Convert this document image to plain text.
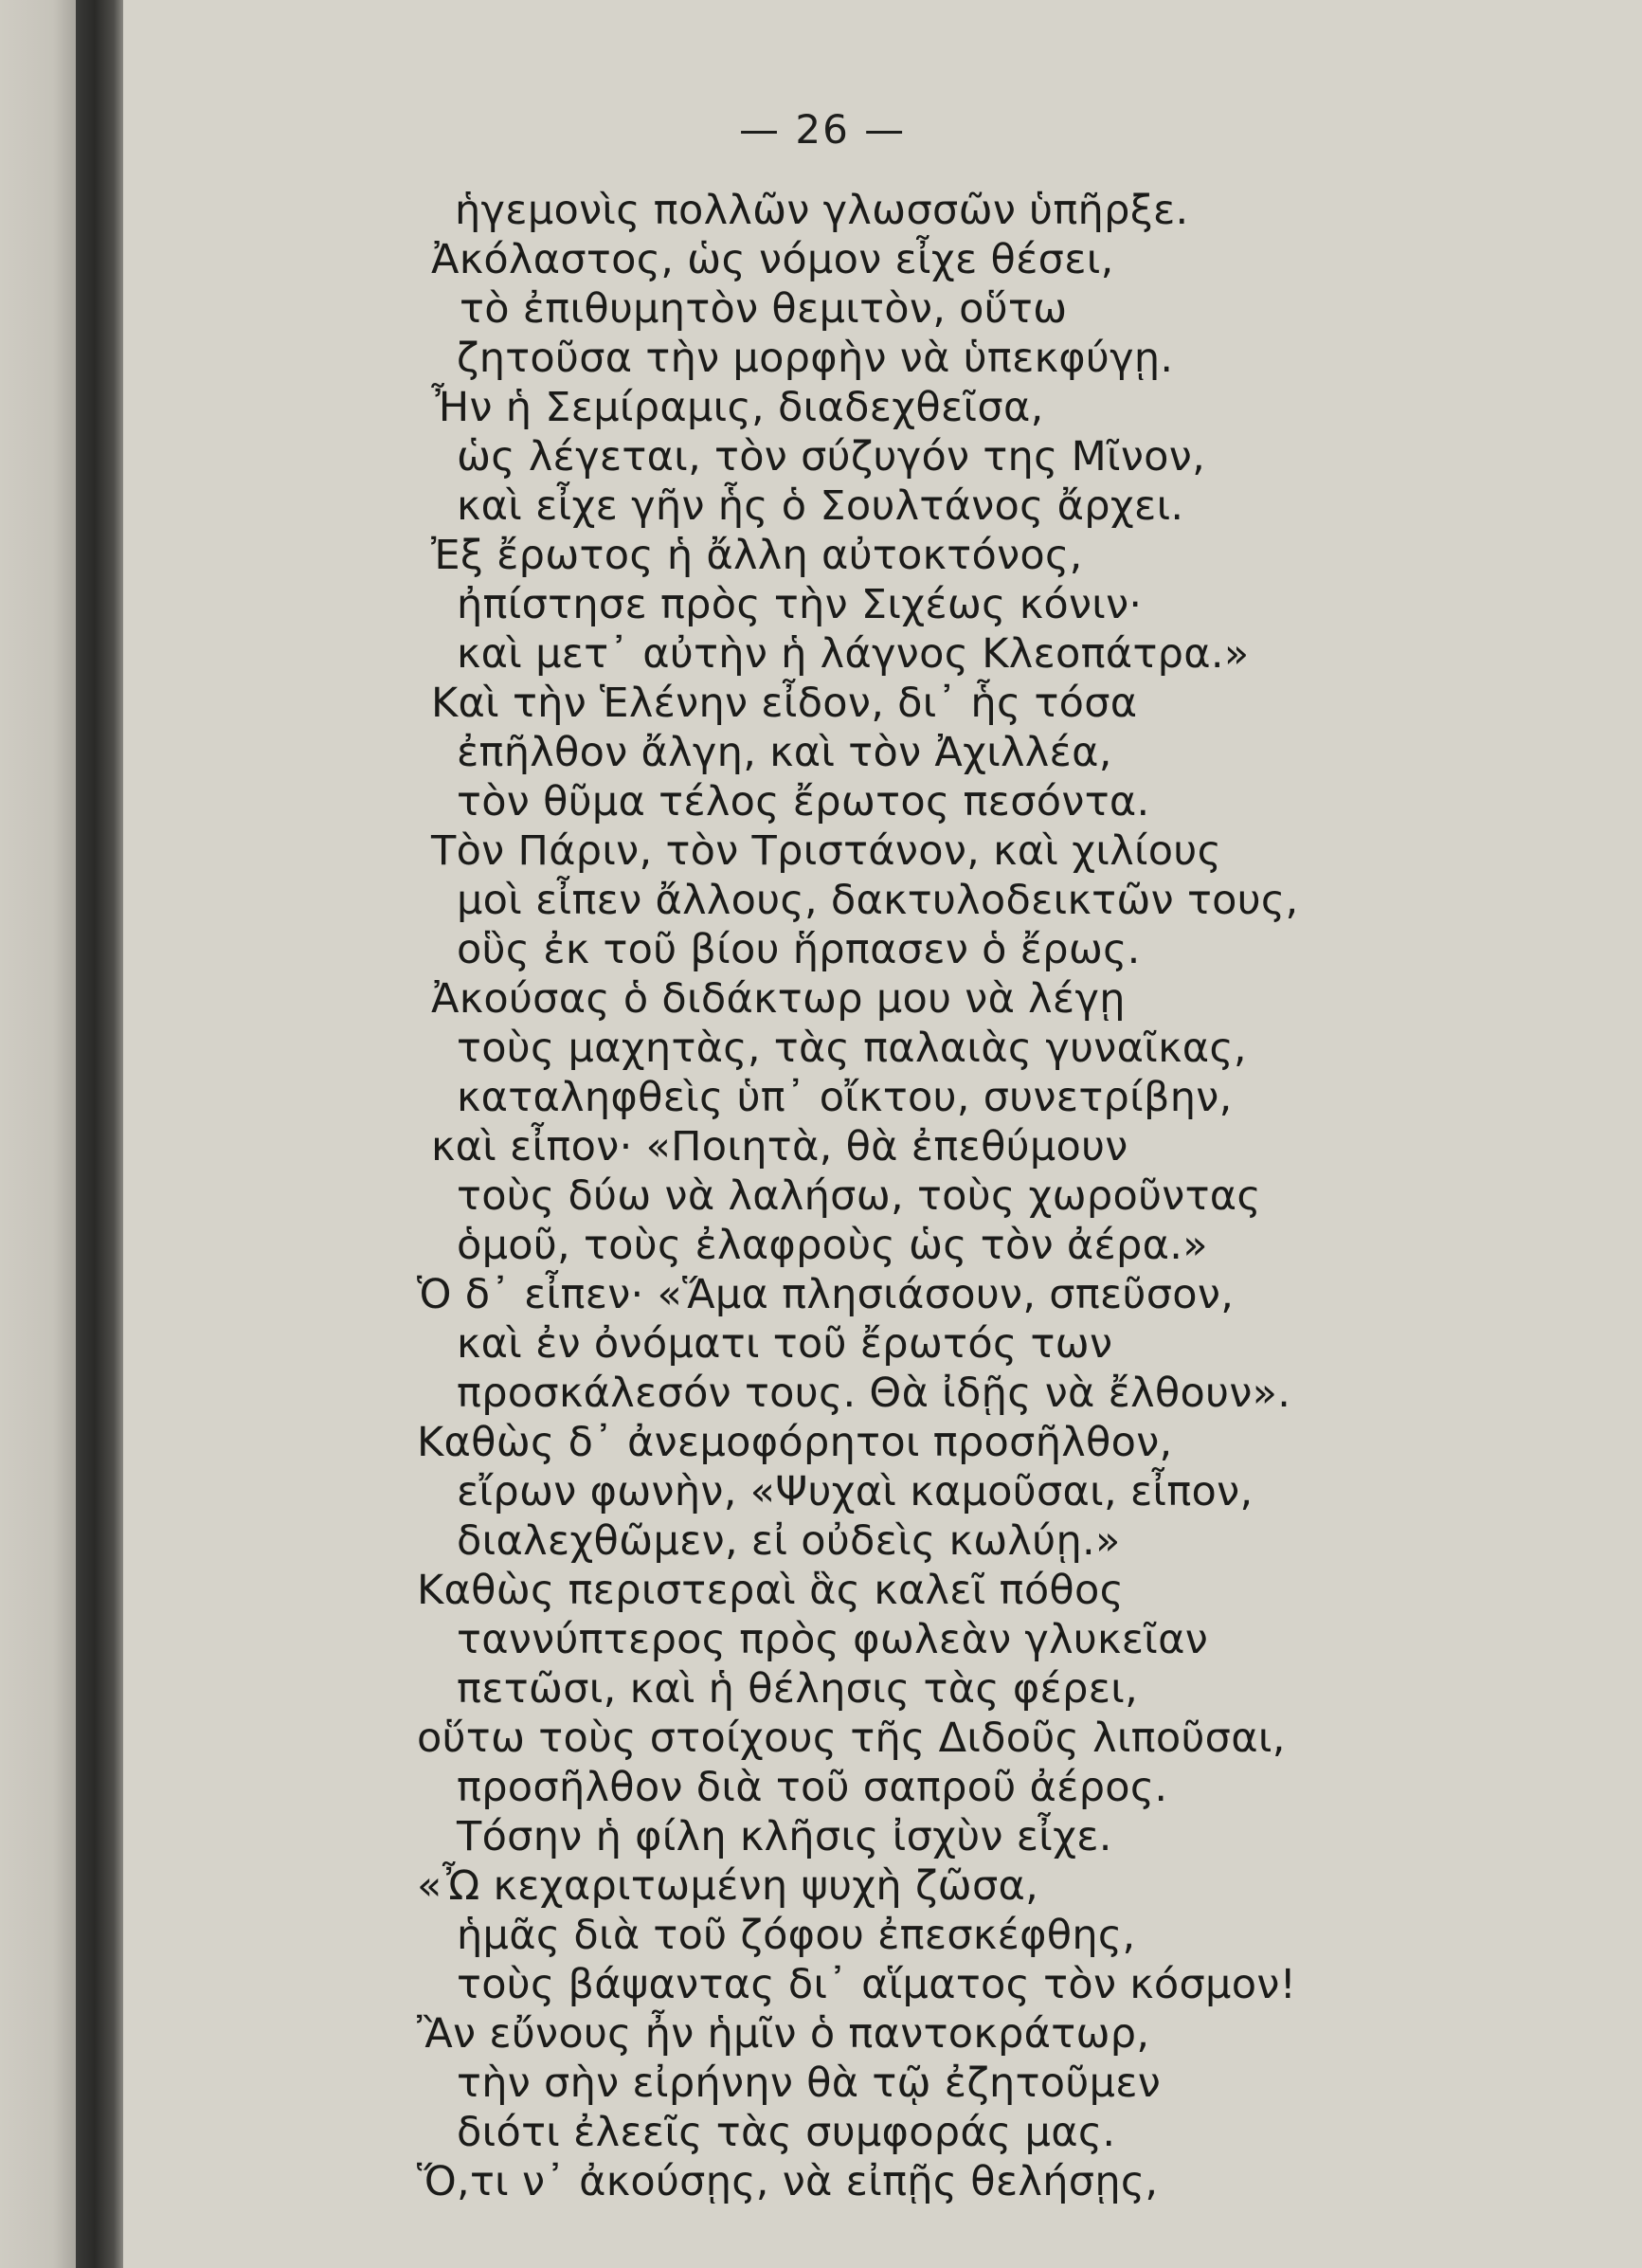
— 26 —
ἡγεμονὶς πολλῶν γλωσσῶν ὑπῆρξε.
Ἀκόλαστος, ὡς νόμον εἶχε θέσει,
τὸ ἐπιθυμητὸν θεμιτὸν, οὕτω
ζητοῦσα τὴν μορφὴν νὰ ὑπεκφύγῃ.
Ἦν ἡ Σεμίραμις, διαδεχθεῖσα,
ὡς λέγεται, τὸν σύζυγόν της Μῖνον,
καὶ εἶχε γῆν ἧς ὁ Σουλτάνος ἄρχει.
Ἐξ ἔρωτος ἡ ἄλλη αὐτοκτόνος,
ἠπίστησε πρὸς τὴν Σιχέως κόνιν·
καὶ μετ᾽ αὐτὴν ἡ λάγνος Κλεοπάτρα.»
Καὶ τὴν Ἑλένην εἶδον, δι᾽ ἧς τόσα
ἐπῆλθον ἄλγη, καὶ τὸν Ἀχιλλέα,
τὸν θῦμα τέλος ἔρωτος πεσόντα.
Τὸν Πάριν, τὸν Τριστάνον, καὶ χιλίους
μοὶ εἶπεν ἄλλους, δακτυλοδεικτῶν τους,
οὓς ἐκ τοῦ βίου ἥρπασεν ὁ ἔρως.
Ἀκούσας ὁ διδάκτωρ μου νὰ λέγῃ
τοὺς μαχητὰς, τὰς παλαιὰς γυναῖκας,
καταληφθεὶς ὑπ᾽ οἴκτου, συνετρίβην,
καὶ εἶπον· «Ποιητὰ, θὰ ἐπεθύμουν
τοὺς δύω νὰ λαλήσω, τοὺς χωροῦντας
ὁμοῦ, τοὺς ἐλαφροὺς ὡς τὸν ἀέρα.»
Ὁ δ᾽ εἶπεν· «Ἅμα πλησιάσουν, σπεῦσον,
καὶ ἐν ὀνόματι τοῦ ἔρωτός των
προσκάλεσόν τους. Θὰ ἰδῇς νὰ ἔλθουν».
Καθὼς δ᾽ ἀνεμοφόρητοι προσῆλθον,
εἴρων φωνὴν, «Ψυχαὶ καμοῦσαι, εἶπον,
διαλεχθῶμεν, εἰ οὐδεὶς κωλύῃ.»
Καθὼς περιστεραὶ ἃς καλεῖ πόθος
ταννύπτερος πρὸς φωλεὰν γλυκεῖαν
πετῶσι, καὶ ἡ θέλησις τὰς φέρει,
οὕτω τοὺς στοίχους τῆς Διδοῦς λιποῦσαι,
προσῆλθον διὰ τοῦ σαπροῦ ἀέρος.
Τόσην ἡ φίλη κλῆσις ἰσχὺν εἶχε.
«Ὦ κεχαριτωμένη ψυχὴ ζῶσα,
ἡμᾶς διὰ τοῦ ζόφου ἐπεσκέφθης,
τοὺς βάψαντας δι᾽ αἵματος τὸν κόσμον!
Ἂν εὔνους ἦν ἡμῖν ὁ παντοκράτωρ,
τὴν σὴν εἰρήνην θὰ τῷ ἐζητοῦμεν
διότι ἐλεεῖς τὰς συμφοράς μας.
Ὅ,τι ν᾽ ἀκούσῃς, νὰ εἰπῇς θελήσῃς,
